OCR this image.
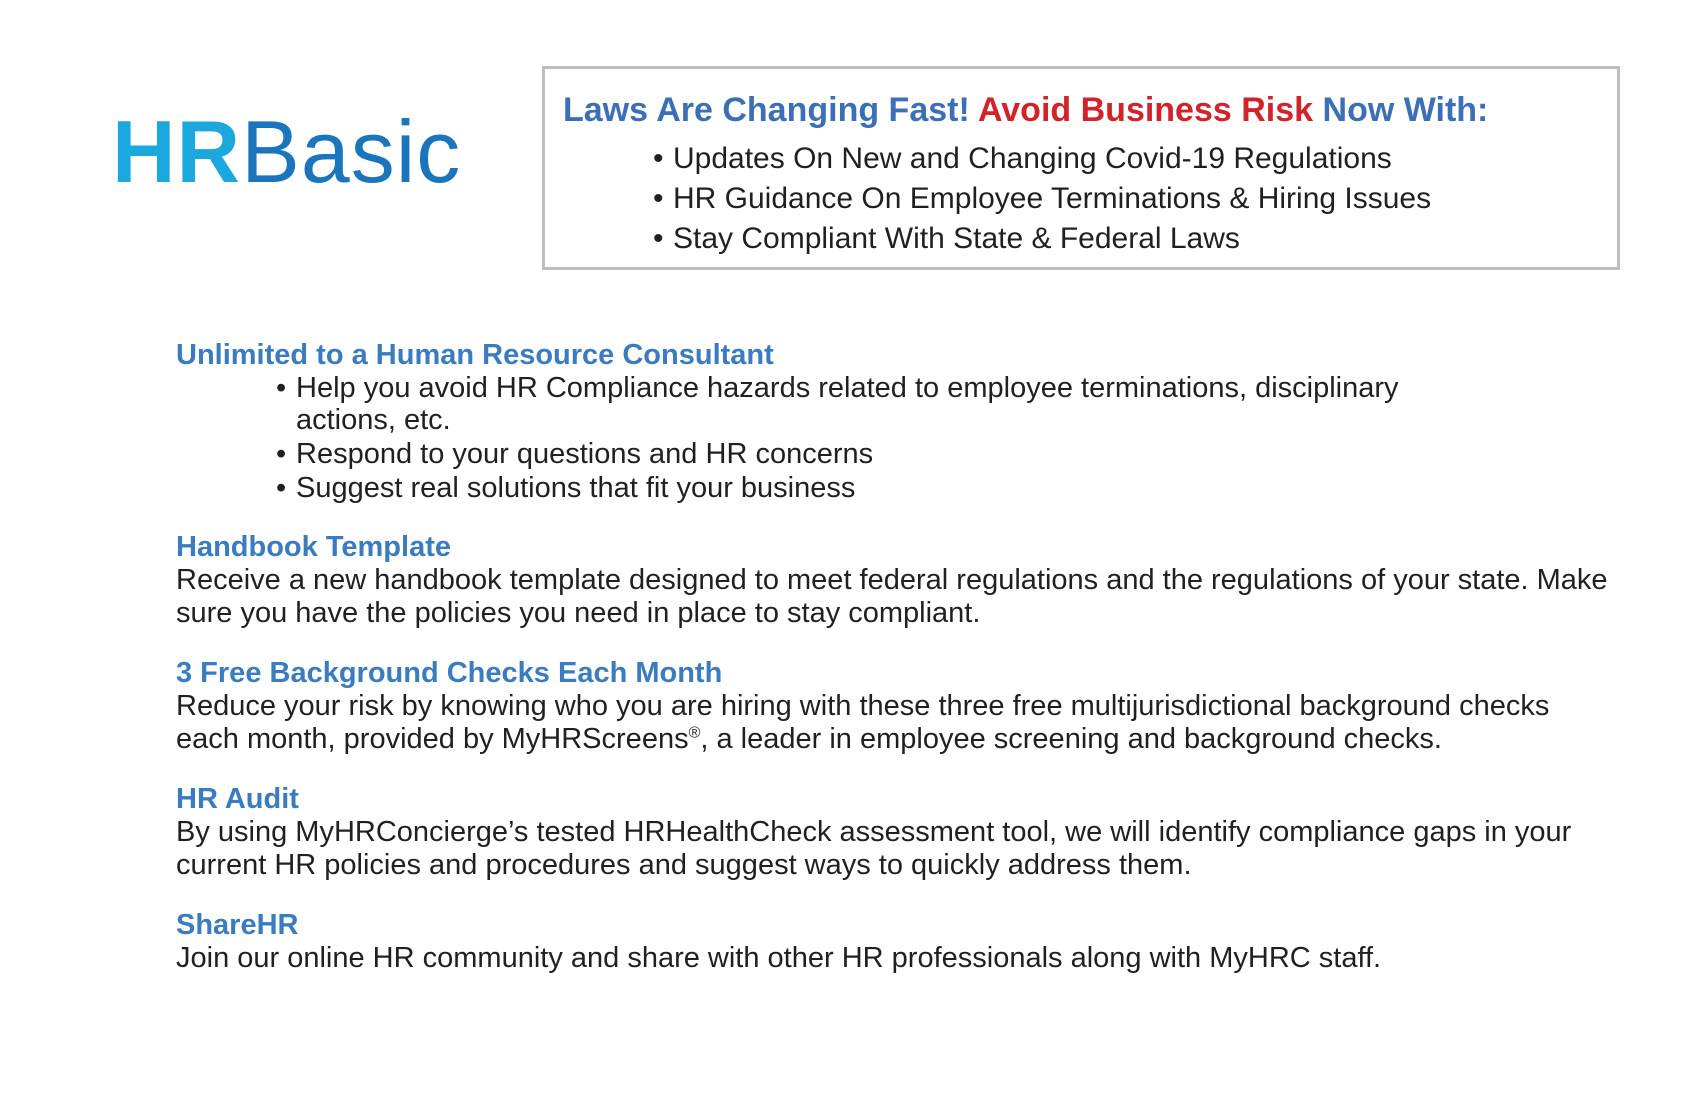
HRBasic	Laws Are Changing Fast! Avoid Business Risk Now With:
• Updates On New and Changing Covid-19 Regulations
• HR Guidance On Employee Terminations & Hiring Issues
• Stay Compliant With State & Federal Laws
Unlimited to a Human Resource Consultant
• Help you avoid HR Compliance hazards related to employee terminations, disciplinary actions, etc.
• Respond to your questions and HR concerns
• Suggest real solutions that fit your business
Handbook Template

Receive a new handbook template designed to meet federal regulations and the regulations of your state. Make sure you have the policies you need in place to stay compliant.

3 Free Background Checks Each Month

Reduce your risk by knowing who you are hiring with these three free multijurisdictional background checks each month, provided by MyHRScreens®, a leader in employee screening and background checks.

HR Audit

By using MyHRConcierge’s tested HRHealthCheck assessment tool, we will identify compliance gaps in your current HR policies and procedures and suggest ways to quickly address them.

ShareHR

Join our online HR community and share with other HR professionals along with MyHRC staff.
